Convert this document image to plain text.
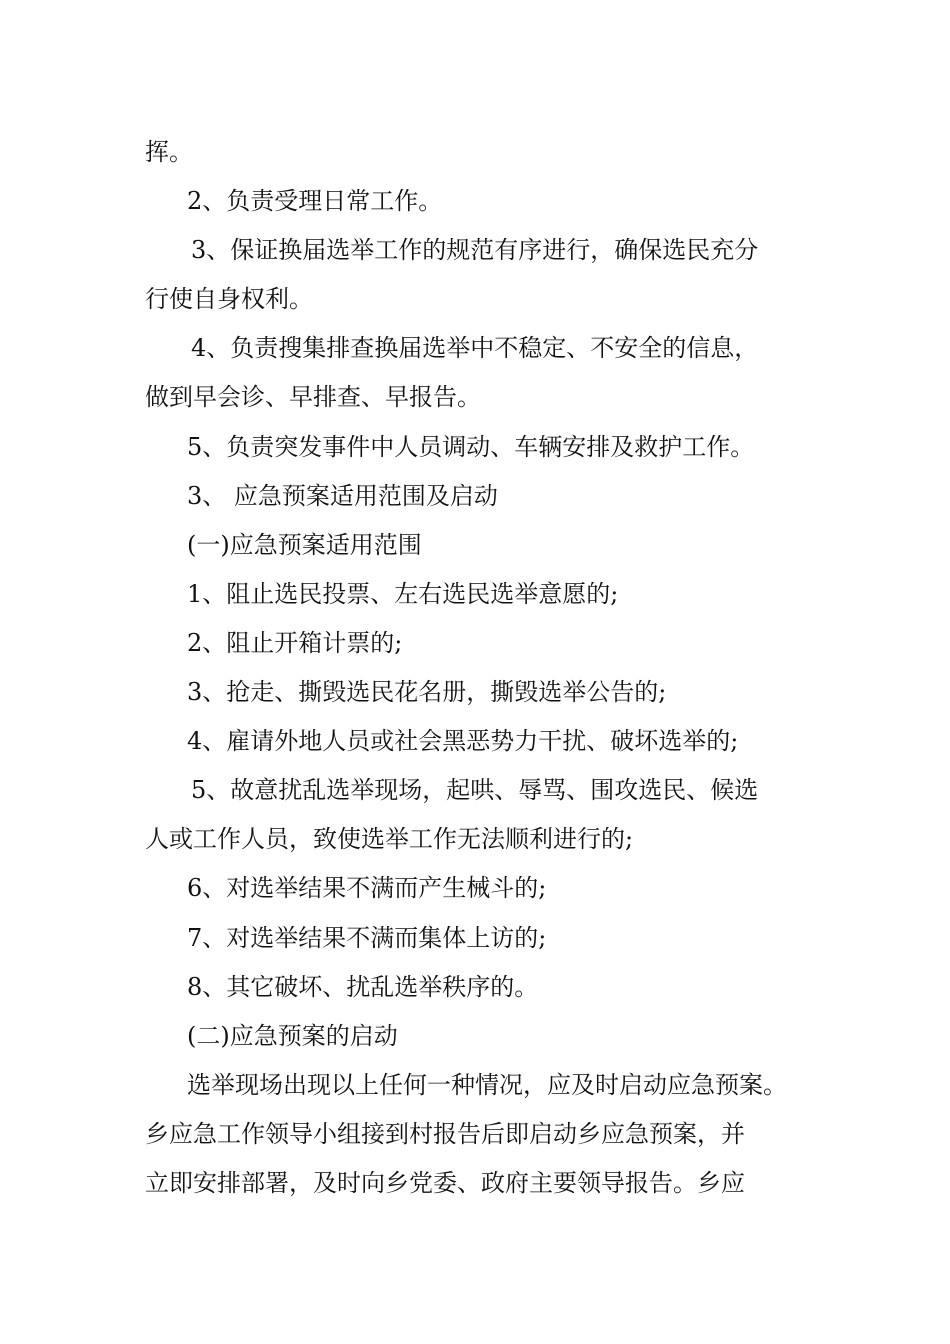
挥。
2、负责受理日常工作。
3、保证换届选举工作的规范有序进行，确保选民充分
行使自身权利。
4、负责搜集排查换届选举中不稳定、不安全的信息，
做到早会诊、早排查、早报告。
5、负责突发事件中人员调动、车辆安排及救护工作。
3、 应急预案适用范围及启动
(一)应急预案适用范围
1、阻止选民投票、左右选民选举意愿的;
2、阻止开箱计票的;
3、抢走、撕毁选民花名册，撕毁选举公告的;
4、雇请外地人员或社会黑恶势力干扰、破坏选举的;
5、故意扰乱选举现场，起哄、辱骂、围攻选民、候选
人或工作人员，致使选举工作无法顺利进行的;
6、对选举结果不满而产生械斗的;
7、对选举结果不满而集体上访的;
8、其它破坏、扰乱选举秩序的。
(二)应急预案的启动
选举现场出现以上任何一种情况，应及时启动应急预案。
乡应急工作领导小组接到村报告后即启动乡应急预案，并
立即安排部署，及时向乡党委、政府主要领导报告。乡应
